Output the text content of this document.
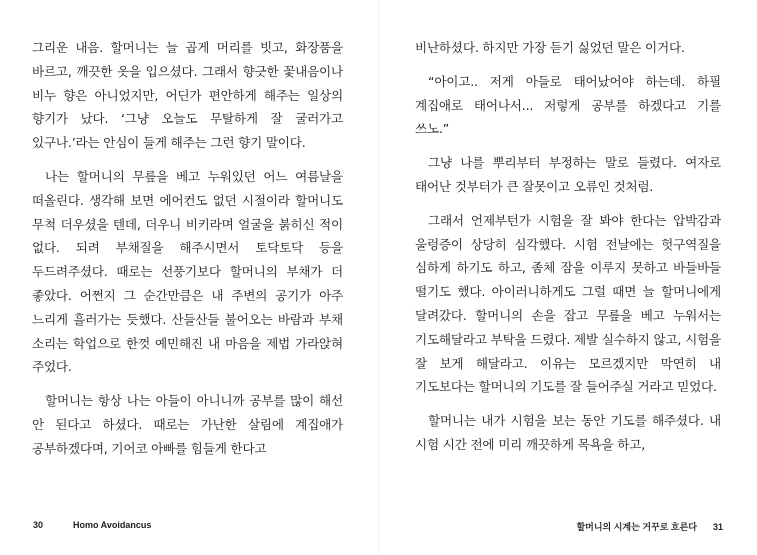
그리운 내음. 할머니는 늘 곱게 머리를 빗고, 화장품을 바르고, 깨끗한 옷을 입으셨다. 그래서 향긋한 꽃내음이나 비누 향은 아니었지만, 어딘가 편안하게 해주는 일상의 향기가 났다. ‘그냥 오늘도 무탈하게 잘 굴러가고 있구나.’라는 안심이 들게 해주는 그런 향기 말이다.

나는 할머니의 무릎을 베고 누워있던 어느 여름날을 떠올린다. 생각해 보면 에어컨도 없던 시절이라 할머니도 무척 더우셨을 텐데, 더우니 비키라며 얼굴을 붉히신 적이 없다. 되려 부채질을 해주시면서 토닥토닥 등을 두드려주셨다. 때로는 선풍기보다 할머니의 부채가 더 좋았다. 어쩐지 그 순간만큼은 내 주변의 공기가 아주 느리게 흘러가는 듯했다. 산들산들 불어오는 바람과 부채 소리는 학업으로 한껏 예민해진 내 마음을 제법 가라앉혀 주었다.

할머니는 항상 나는 아들이 아니니까 공부를 많이 해선 안 된다고 하셨다. 때로는 가난한 살림에 계집애가 공부하겠다며, 기어코 아빠를 힘들게 한다고

비난하셨다. 하지만 가장 듣기 싫었던 말은 이거다.

“아이고.. 저게 아들로 태어났어야 하는데. 하필 계집애로 태어나서... 저렇게 공부를 하겠다고 기를 쓰노.”

그냥 나를 뿌리부터 부정하는 말로 들렸다. 여자로 태어난 것부터가 큰 잘못이고 오류인 것처럼.

그래서 언제부턴가 시험을 잘 봐야 한다는 압박감과 울렁증이 상당히 심각했다. 시험 전날에는 헛구역질을 심하게 하기도 하고, 좀체 잠을 이루지 못하고 바들바들 떨기도 했다. 아이러니하게도 그럴 때면 늘 할머니에게 달려갔다. 할머니의 손을 잡고 무릎을 베고 누워서는 기도해달라고 부탁을 드렸다. 제발 실수하지 않고, 시험을 잘 보게 해달라고. 이유는 모르겠지만 막연히 내 기도보다는 할머니의 기도를 잘 들어주실 거라고 믿었다.

할머니는 내가 시험을 보는 동안 기도를 해주셨다. 내 시험 시간 전에 미리 깨끗하게 목욕을 하고,

30	Homo Avoidancus	할머니의 시계는 거꾸로 흐른다 31
